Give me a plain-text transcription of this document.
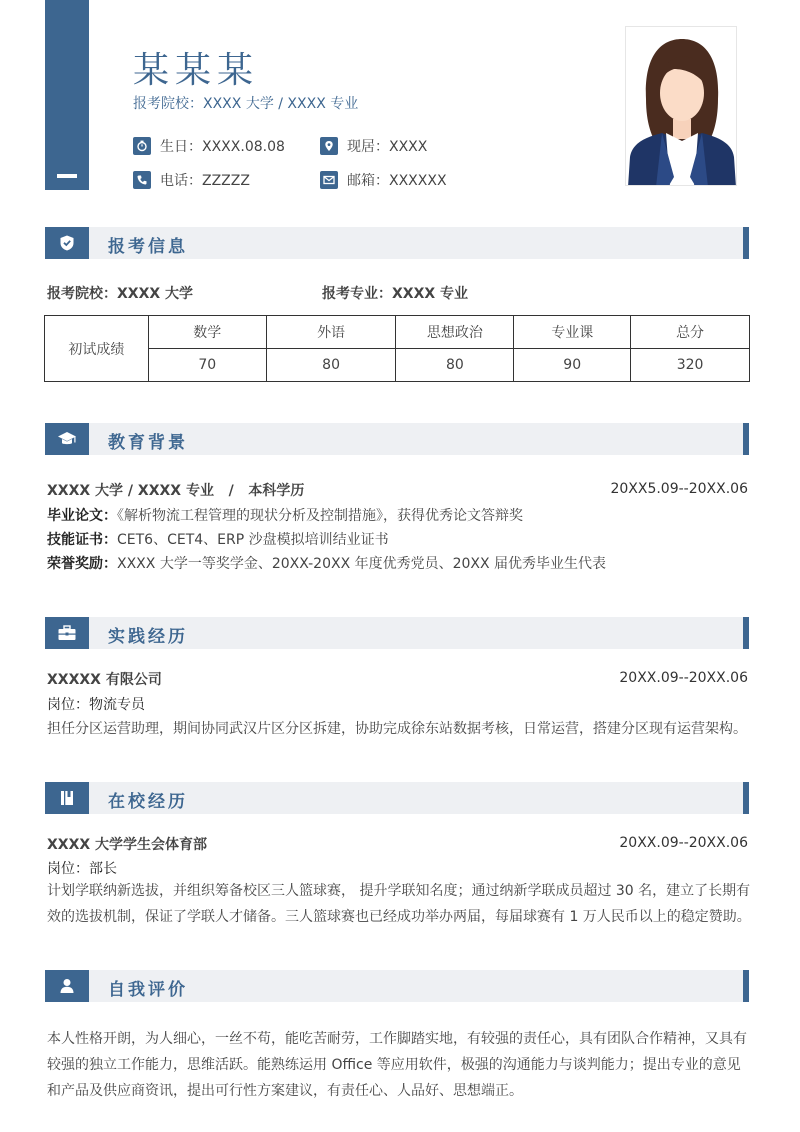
某某某
报考院校：XXXX 大学 / XXXX 专业
生日：XXXX.08.08	现居：XXXX
电话：ZZZZZ	邮箱：XXXXXX
报考信息
报考院校：XXXX 大学	报考专业：XXXX 专业
初试成绩	数学	外语	思想政治	专业课	总分
	70	80	80	90	320
教育背景
XXXX 大学 / XXXX 专业   /   本科学历	20XX5.09--20XX.06
毕业论文：《解析物流工程管理的现状分析及控制措施》，获得优秀论文答辩奖
技能证书：CET6、CET4、ERP 沙盘模拟培训结业证书
荣誉奖励：XXXX 大学一等奖学金、20XX-20XX 年度优秀党员、20XX 届优秀毕业生代表
实践经历
XXXXX 有限公司	20XX.09--20XX.06
岗位：物流专员
担任分区运营助理，期间协同武汉片区分区拆建，协助完成徐东站数据考核，日常运营，搭建分区现有运营架构。
在校经历
XXXX 大学学生会体育部	20XX.09--20XX.06
岗位：部长
计划学联纳新选拔，并组织筹备校区三人篮球赛， 提升学联知名度；通过纳新学联成员超过 30 名，建立了长期有效的选拔机制，保证了学联人才储备。三人篮球赛也已经成功举办两届，每届球赛有 1 万人民币以上的稳定赞助。
自我评价
本人性格开朗，为人细心，一丝不苟，能吃苦耐劳，工作脚踏实地，有较强的责任心，具有团队合作精神，又具有较强的独立工作能力，思维活跃。能熟练运用 Office 等应用软件，极强的沟通能力与谈判能力；提出专业的意见和产品及供应商资讯，提出可行性方案建议，有责任心、人品好、思想端正。
